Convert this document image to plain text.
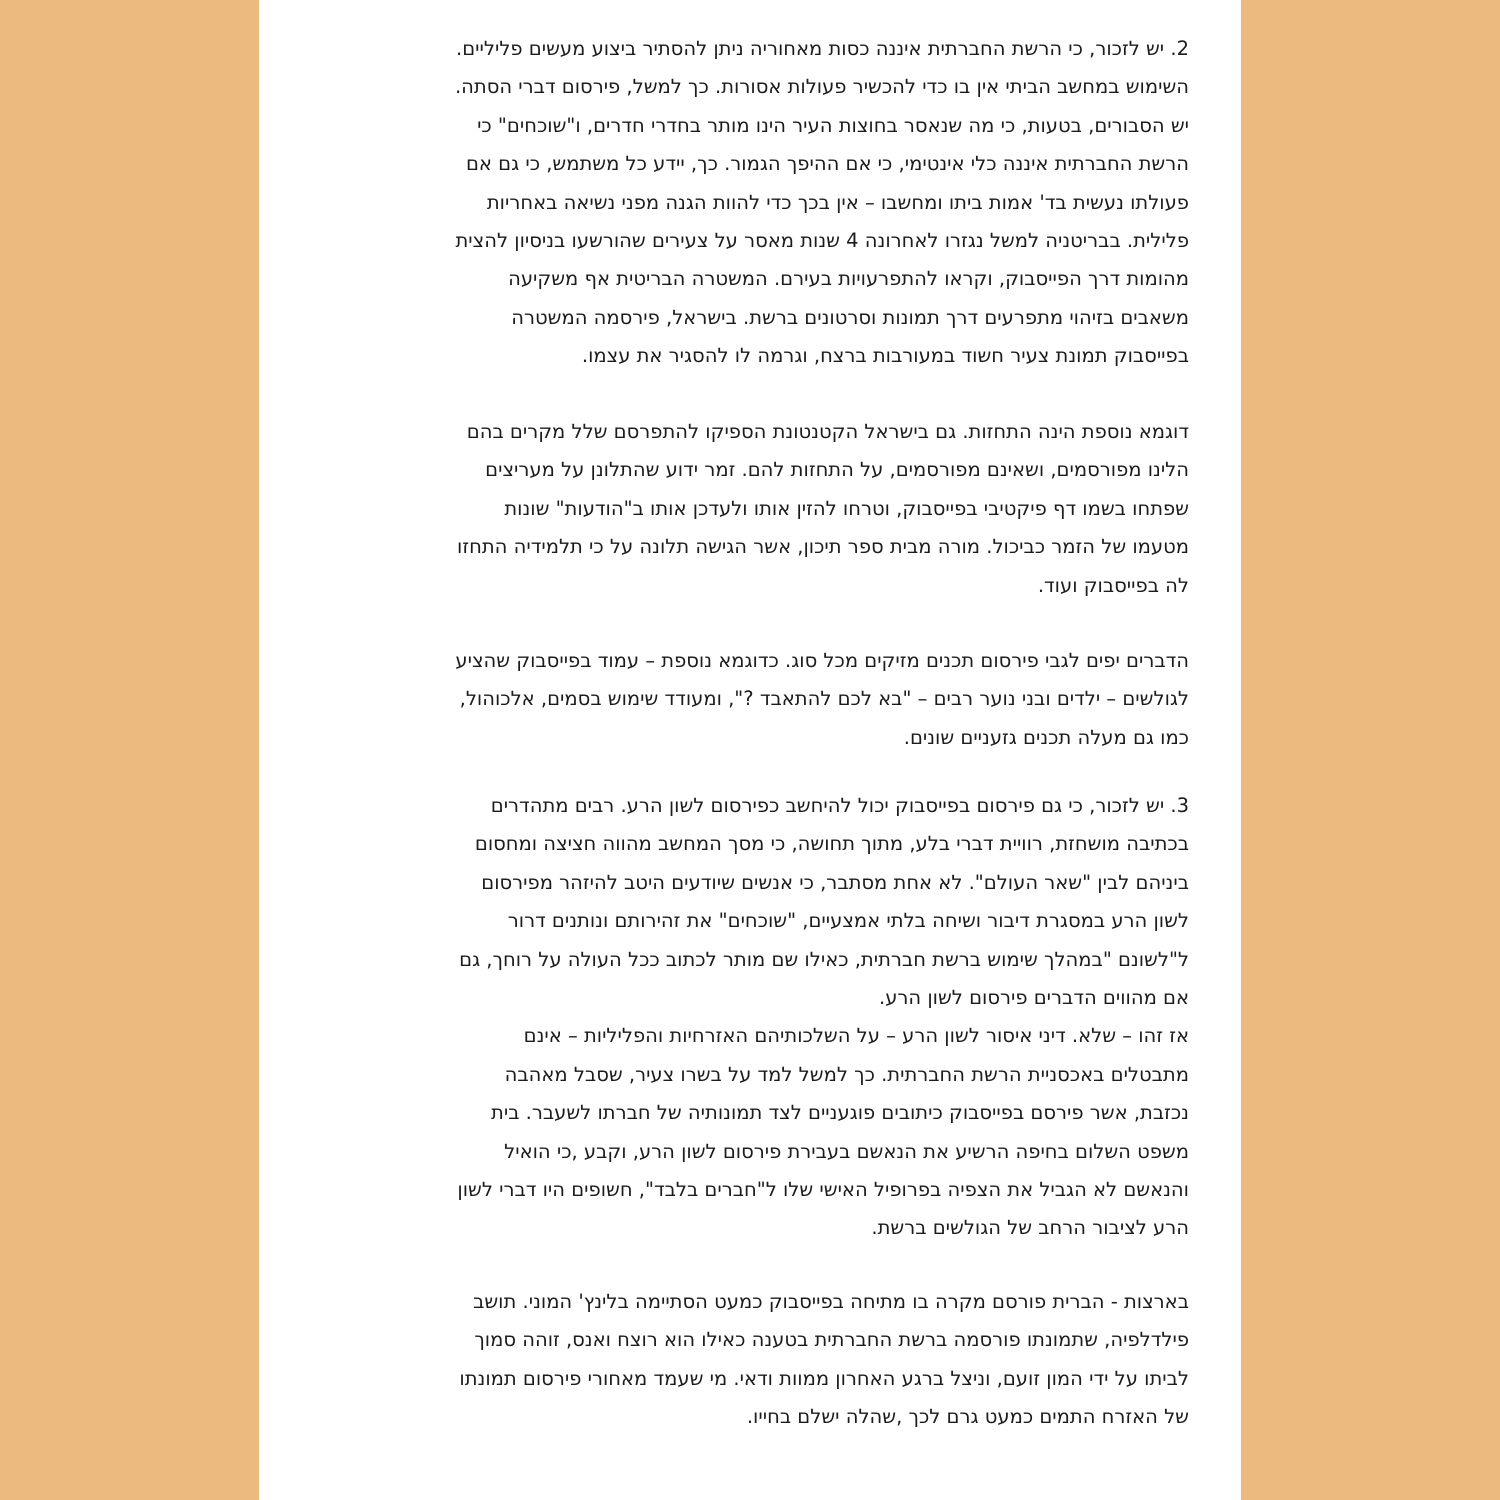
2. יש לזכור, כי הרשת החברתית איננה כסות מאחוריה ניתן להסתיר ביצוע מעשים פליליים.
השימוש במחשב הביתי אין בו כדי להכשיר פעולות אסורות. כך למשל, פירסום דברי הסתה.
יש הסבורים, בטעות, כי מה שנאסר בחוצות העיר הינו מותר בחדרי חדרים, ו"שוכחים" כי
הרשת החברתית איננה כלי אינטימי, כי אם ההיפך הגמור. כך, יידע כל משתמש, כי גם אם
פעולתו נעשית בד' אמות ביתו ומחשבו – אין בכך כדי להוות הגנה מפני נשיאה באחריות
פלילית. בבריטניה למשל נגזרו לאחרונה 4 שנות מאסר על צעירים שהורשעו בניסיון להצית
מהומות דרך הפייסבוק, וקראו להתפרעויות בעירם. המשטרה הבריטית אף משקיעה
משאבים בזיהוי מתפרעים דרך תמונות וסרטונים ברשת. בישראל, פירסמה המשטרה
בפייסבוק תמונת צעיר חשוד במעורבות ברצח, וגרמה לו להסגיר את עצמו.
דוגמא נוספת הינה התחזות. גם בישראל הקטנטונת הספיקו להתפרסם שלל מקרים בהם
הלינו מפורסמים, ושאינם מפורסמים, על התחזות להם. זמר ידוע שהתלונן על מעריצים
שפתחו בשמו דף פיקטיבי בפייסבוק, וטרחו להזין אותו ולעדכן אותו ב"הודעות" שונות
מטעמו של הזמר כביכול. מורה מבית ספר תיכון, אשר הגישה תלונה על כי תלמידיה התחזו
לה בפייסבוק ועוד.
הדברים יפים לגבי פירסום תכנים מזיקים מכל סוג. כדוגמא נוספת – עמוד בפייסבוק שהציע
לגולשים – ילדים ובני נוער רבים – "בא לכם להתאבד ?", ומעודד שימוש בסמים, אלכוהול,
כמו גם מעלה תכנים גזעניים שונים.
3. יש לזכור, כי גם פירסום בפייסבוק יכול להיחשב כפירסום לשון הרע. רבים מתהדרים
בכתיבה מושחזת, רוויית דברי בלע, מתוך תחושה, כי מסך המחשב מהווה חציצה ומחסום
ביניהם לבין "שאר העולם". לא אחת מסתבר, כי אנשים שיודעים היטב להיזהר מפירסום
לשון הרע במסגרת דיבור ושיחה בלתי אמצעיים, "שוכחים" את זהירותם ונותנים דרור
ל"לשונם "במהלך שימוש ברשת חברתית, כאילו שם מותר לכתוב ככל העולה על רוחך, גם
אם מהווים הדברים פירסום לשון הרע.
אז זהו – שלא. דיני איסור לשון הרע – על השלכותיהם האזרחיות והפליליות – אינם
מתבטלים באכסניית הרשת החברתית. כך למשל למד על בשרו צעיר, שסבל מאהבה
נכזבת, אשר פירסם בפייסבוק כיתובים פוגעניים לצד תמונותיה של חברתו לשעבר. בית
משפט השלום בחיפה הרשיע את הנאשם בעבירת פירסום לשון הרע, וקבע ,כי הואיל
והנאשם לא הגביל את הצפיה בפרופיל האישי שלו ל"חברים בלבד", חשופים היו דברי לשון
הרע לציבור הרחב של הגולשים ברשת.
בארצות - הברית פורסם מקרה בו מתיחה בפייסבוק כמעט הסתיימה בלינץ' המוני. תושב
פילדלפיה, שתמונתו פורסמה ברשת החברתית בטענה כאילו הוא רוצח ואנס, זוהה סמוך
לביתו על ידי המון זועם, וניצל ברגע האחרון ממוות ודאי. מי שעמד מאחורי פירסום תמונתו
של האזרח התמים כמעט גרם לכך ,שהלה ישלם בחייו.
